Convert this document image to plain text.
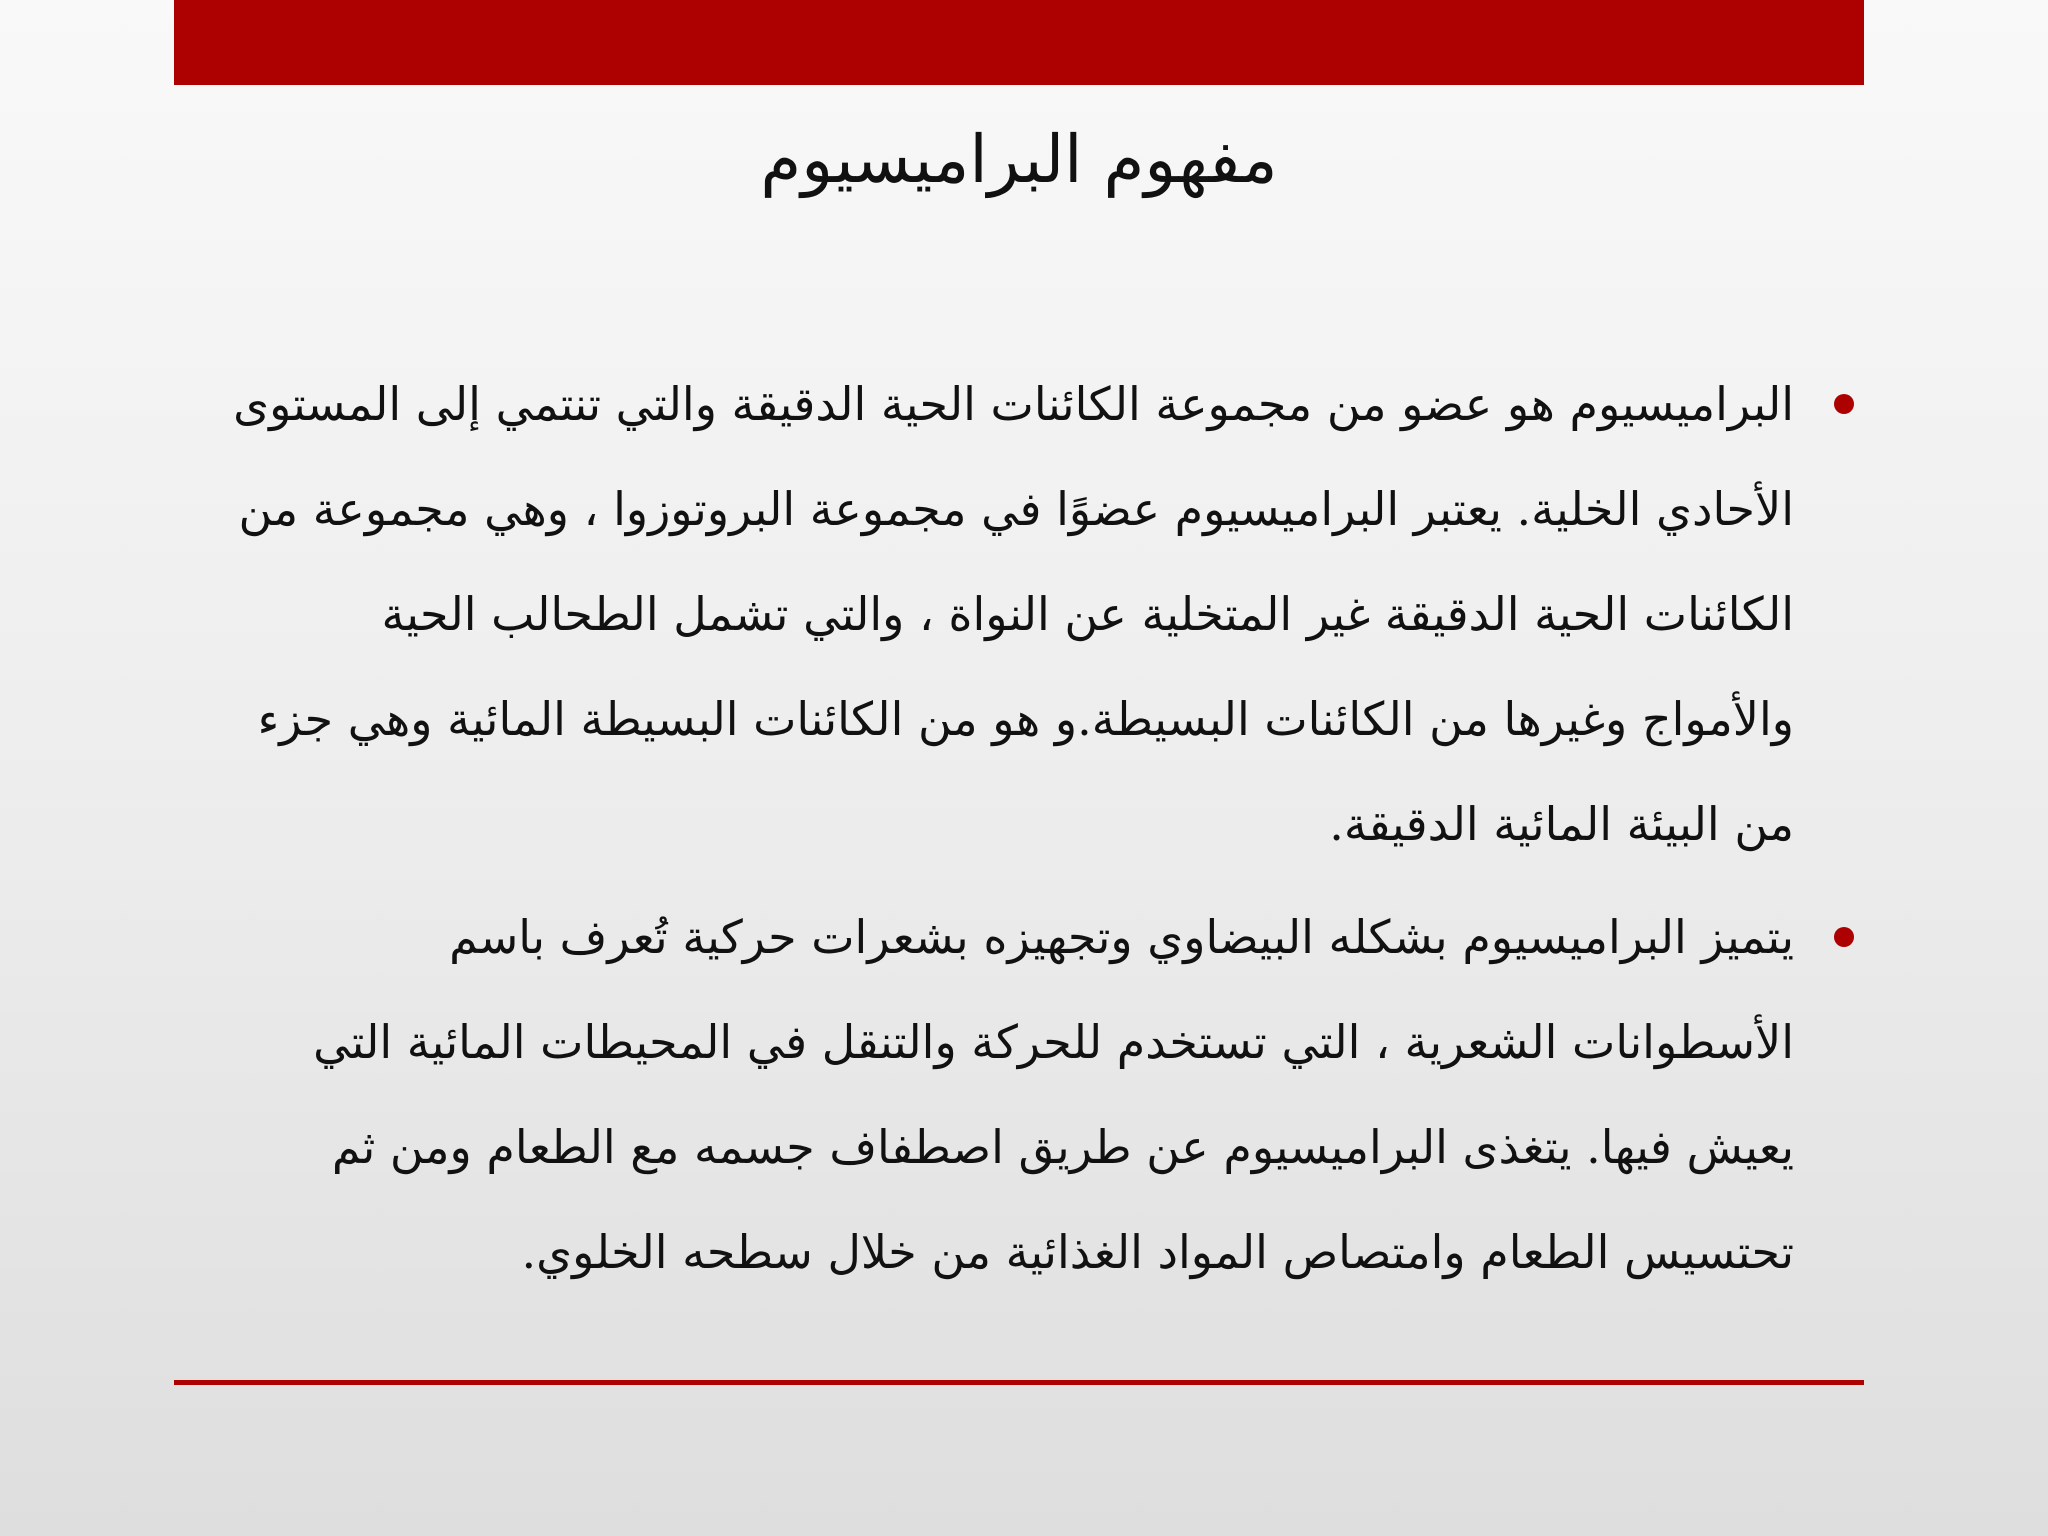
مفهوم البراميسيوم
البراميسيوم هو عضو من مجموعة الكائنات الحية الدقيقة والتي تنتمي إلى المستوى الأحادي الخلية. يعتبر البراميسيوم عضوًا في مجموعة البروتوزوا ، وهي مجموعة من الكائنات الحية الدقيقة غير المتخلية عن النواة ، والتي تشمل الطحالب الحية والأمواج وغيرها من الكائنات البسيطة.و هو من الكائنات البسيطة المائية وهي جزء من البيئة المائية الدقيقة.
يتميز البراميسيوم بشكله البيضاوي وتجهيزه بشعرات حركية تُعرف باسم الأسطوانات الشعرية ، التي تستخدم للحركة والتنقل في المحيطات المائية التي يعيش فيها. يتغذى البراميسيوم عن طريق اصطفاف جسمه مع الطعام ومن ثم تحتسيس الطعام وامتصاص المواد الغذائية من خلال سطحه الخلوي.
